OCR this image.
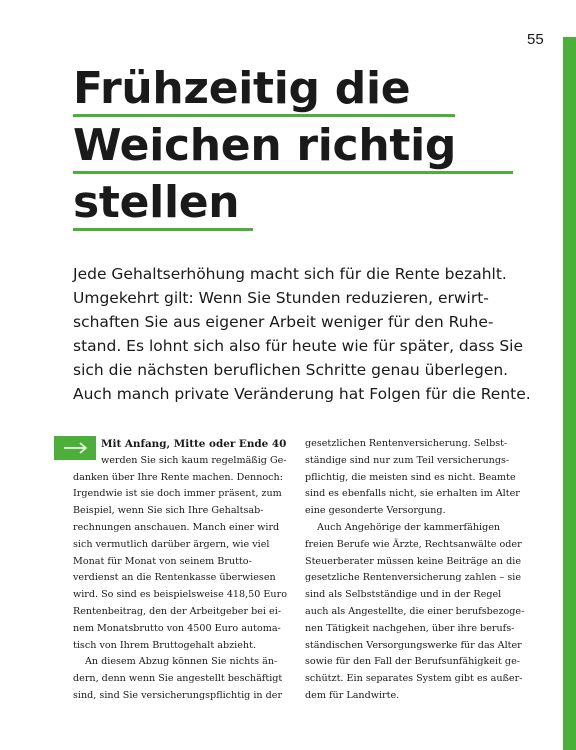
55
Frühzeitig die
Weichen richtig
stellen

Jede Gehaltserhöhung macht sich für die Rente bezahlt.
Umgekehrt gilt: Wenn Sie Stunden reduzieren, erwirt-
schaften Sie aus eigener Arbeit weniger für den Ruhe-
stand. Es lohnt sich also für heute wie für später, dass Sie
sich die nächsten beruflichen Schritte genau überlegen.
Auch manch private Veränderung hat Folgen für die Rente.

Mit Anfang, Mitte oder Ende 40
werden Sie sich kaum regelmäßig Ge-
danken über Ihre Rente machen. Dennoch:
Irgendwie ist sie doch immer präsent, zum
Beispiel, wenn Sie sich Ihre Gehaltsab-
rechnungen anschauen. Manch einer wird
sich vermutlich darüber ärgern, wie viel
Monat für Monat von seinem Brutto-
verdienst an die Rentenkasse überwiesen
wird. So sind es beispielsweise 418,50 Euro
Rentenbeitrag, den der Arbeitgeber bei ei-
nem Monatsbrutto von 4500 Euro automa-
tisch von Ihrem Bruttogehalt abzieht.
An diesem Abzug können Sie nichts än-
dern, denn wenn Sie angestellt beschäftigt
sind, sind Sie versicherungspflichtig in der
gesetzlichen Rentenversicherung. Selbst-
ständige sind nur zum Teil versicherungs-
pflichtig, die meisten sind es nicht. Beamte
sind es ebenfalls nicht, sie erhalten im Alter
eine gesonderte Versorgung.
Auch Angehörige der kammerfähigen
freien Berufe wie Ärzte, Rechtsanwälte oder
Steuerberater müssen keine Beiträge an die
gesetzliche Rentenversicherung zahlen – sie
sind als Selbstständige und in der Regel
auch als Angestellte, die einer berufsbezoge-
nen Tätigkeit nachgehen, über ihre berufs-
ständischen Versorgungswerke für das Alter
sowie für den Fall der Berufsunfähigkeit ge-
schützt. Ein separates System gibt es außer-
dem für Landwirte.
